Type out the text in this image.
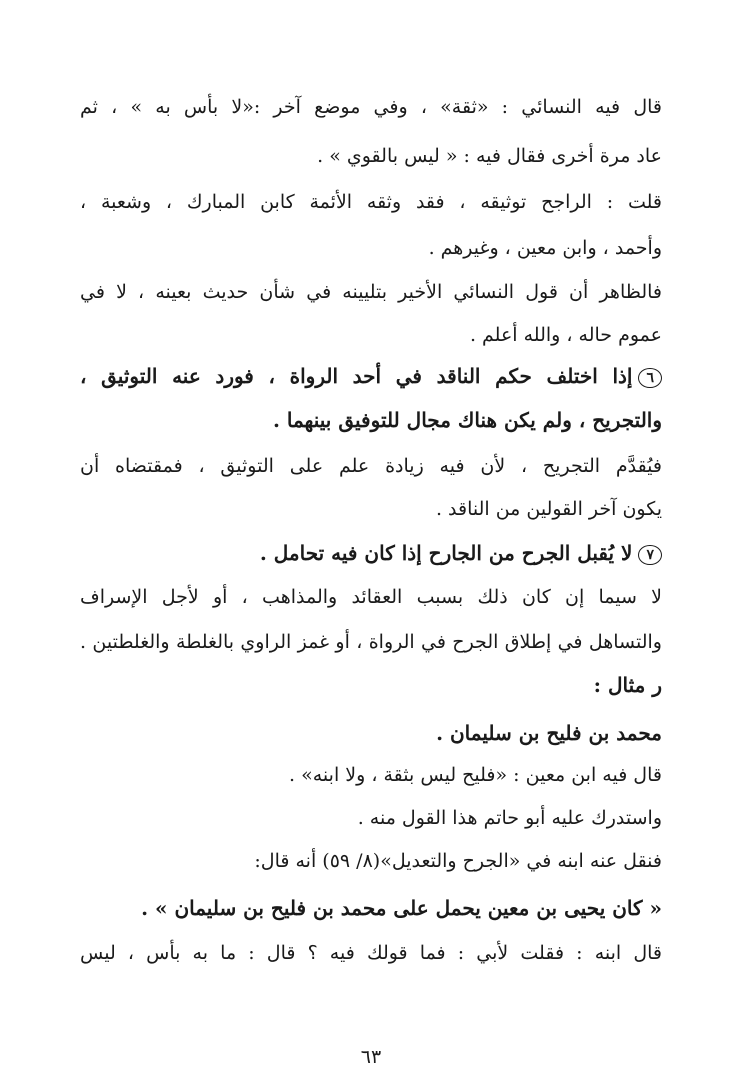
قال فيه النسائي : «ثقة» ، وفي موضع آخر :«لا بأس به » ، ثم
عاد مرة أخرى فقال فيه : « ليس بالقوي » .
قلت : الراجح توثيقه ، فقد وثقه الأئمة كابن المبارك ، وشعبة ،
وأحمد ، وابن معين ، وغيرهم .
فالظاهر أن قول النسائي الأخير بتليينه في شأن حديث بعينه ، لا في
عموم حاله ، والله أعلم .
٦إذا اختلف حكم الناقد في أحد الرواة ، فورد عنه التوثيق ،
والتجريح ، ولم يكن هناك مجال للتوفيق بينهما .
فيُقدَّم التجريح ، لأن فيه زيادة علم على التوثيق ، فمقتضاه أن
يكون آخر القولين من الناقد .
٧لا يُقبل الجرح من الجارح إذا كان فيه تحامل .
لا سيما إن كان ذلك بسبب العقائد والمذاهب ، أو لأجل الإسراف
والتساهل في إطلاق الجرح في الرواة ، أو غمز الراوي بالغلطة والغلطتين .
ر مثال :
محمد بن فليح بن سليمان .
قال فيه ابن معين : «فليح ليس بثقة ، ولا ابنه» .
واستدرك عليه أبو حاتم هذا القول منه .
فنقل عنه ابنه في «الجرح والتعديل»(٨/ ٥٩) أنه قال:
« كان يحيى بن معين يحمل على محمد بن فليح بن سليمان » .
قال ابنه : فقلت لأبي : فما قولك فيه ؟ قال : ما به بأس ، ليس
٦٣
